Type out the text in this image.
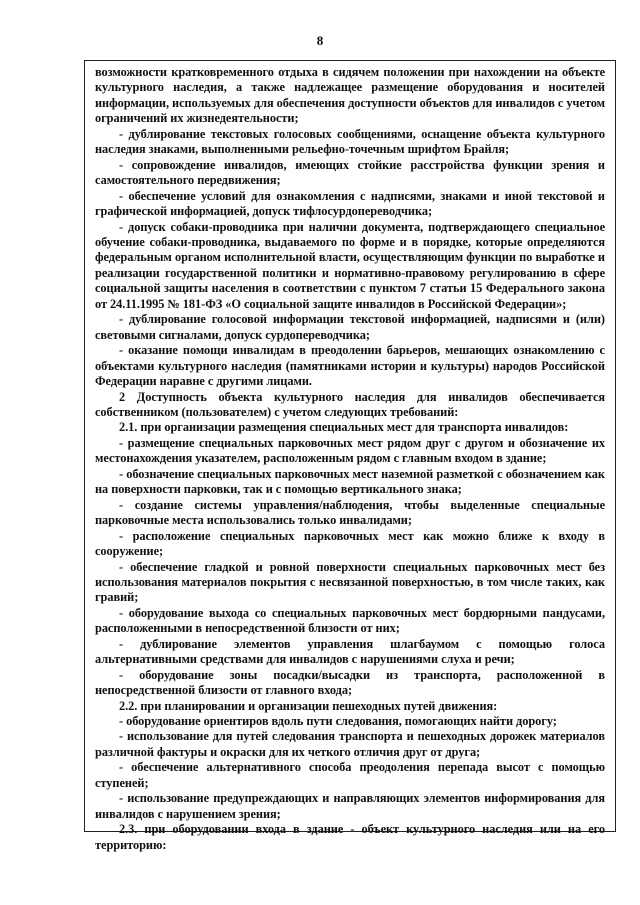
8

возможности кратковременного отдыха в сидячем положении при нахождении на объекте культурного наследия, а также надлежащее размещение оборудования и носителей информации, используемых для обеспечения доступности объектов для инвалидов с учетом ограничений их жизнедеятельности;

- дублирование текстовых голосовых сообщениями, оснащение объекта культурного наследия знаками, выполненными рельефно-точечным шрифтом Брайля;

- сопровождение инвалидов, имеющих стойкие расстройства функции зрения и самостоятельного передвижения;

- обеспечение условий для ознакомления с надписями, знаками и иной текстовой и графической информацией, допуск тифлосурдопереводчика;

- допуск собаки-проводника при наличии документа, подтверждающего специальное обучение собаки-проводника, выдаваемого по форме и в порядке, которые определяются федеральным органом исполнительной власти, осуществляющим функции по выработке и реализации государственной политики и нормативно-правовому регулированию в сфере социальной защиты населения в соответствии с пунктом 7 статьи 15 Федерального закона от 24.11.1995 № 181-ФЗ «О социальной защите инвалидов в Российской Федерации»;

- дублирование голосовой информации текстовой информацией, надписями и (или) световыми сигналами, допуск сурдопереводчика;

- оказание помощи инвалидам в преодолении барьеров, мешающих ознакомлению с объектами культурного наследия (памятниками истории и культуры) народов Российской Федерации наравне с другими лицами.

2 Доступность объекта культурного наследия для инвалидов обеспечивается собственником (пользователем) с учетом следующих требований:

2.1. при организации размещения специальных мест для транспорта инвалидов:

- размещение специальных парковочных мест рядом друг с другом и обозначение их местонахождения указателем, расположенным рядом с главным входом в здание;

- обозначение специальных парковочных мест наземной разметкой с обозначением как на поверхности парковки, так и с помощью вертикального знака;

- создание системы управления/наблюдения, чтобы выделенные специальные парковочные места использовались только инвалидами;

- расположение специальных парковочных мест как можно ближе к входу в сооружение;

- обеспечение гладкой и ровной поверхности специальных парковочных мест без использования материалов покрытия с несвязанной поверхностью, в том числе таких, как гравий;

- оборудование выхода со специальных парковочных мест бордюрными пандусами, расположенными в непосредственной близости от них;

- дублирование элементов управления шлагбаумом с помощью голоса альтернативными средствами для инвалидов с нарушениями слуха и речи;

- оборудование зоны посадки/высадки из транспорта, расположенной в непосредственной близости от главного входа;

2.2. при планировании и организации пешеходных путей движения:

- оборудование ориентиров вдоль пути следования, помогающих найти дорогу;

- использование для путей следования транспорта и пешеходных дорожек материалов различной фактуры и окраски для их четкого отличия друг от друга;

- обеспечение альтернативного способа преодоления перепада высот с помощью ступеней;

- использование предупреждающих и направляющих элементов информирования для инвалидов с нарушением зрения;

2.3. при оборудовании входа в здание - объект культурного наследия или на его территорию:
